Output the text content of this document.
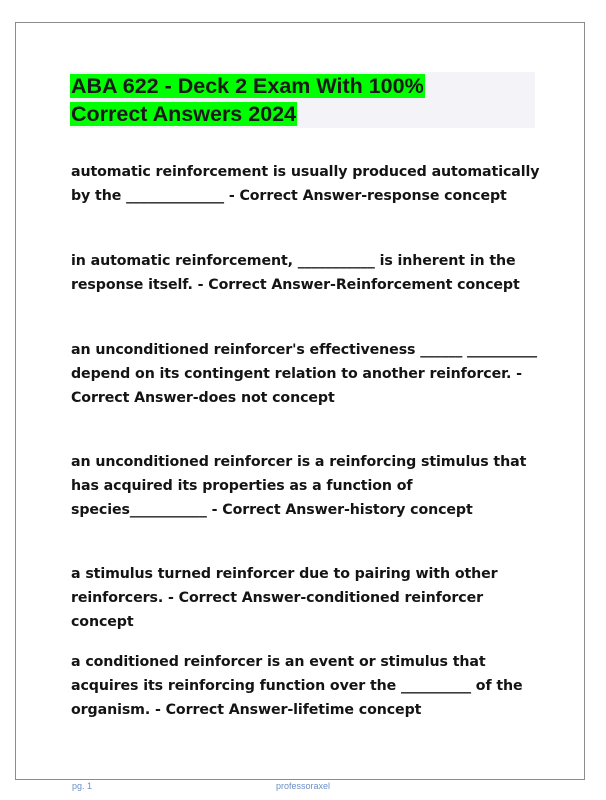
ABA 622 - Deck 2 Exam With 100%
Correct Answers 2024

automatic reinforcement is usually produced automatically by the ______________ - Correct Answer-response concept

in automatic reinforcement, ___________ is inherent in the response itself. - Correct Answer-Reinforcement concept

an unconditioned reinforcer's effectiveness ______ __________ depend on its contingent relation to another reinforcer. - Correct Answer-does not concept

an unconditioned reinforcer is a reinforcing stimulus that has acquired its properties as a function of species___________ - Correct Answer-history concept

a stimulus turned reinforcer due to pairing with other reinforcers. - Correct Answer-conditioned reinforcer concept

a conditioned reinforcer is an event or stimulus that acquires its reinforcing function over the __________ of the organism. - Correct Answer-lifetime concept

pg. 1	professoraxel
